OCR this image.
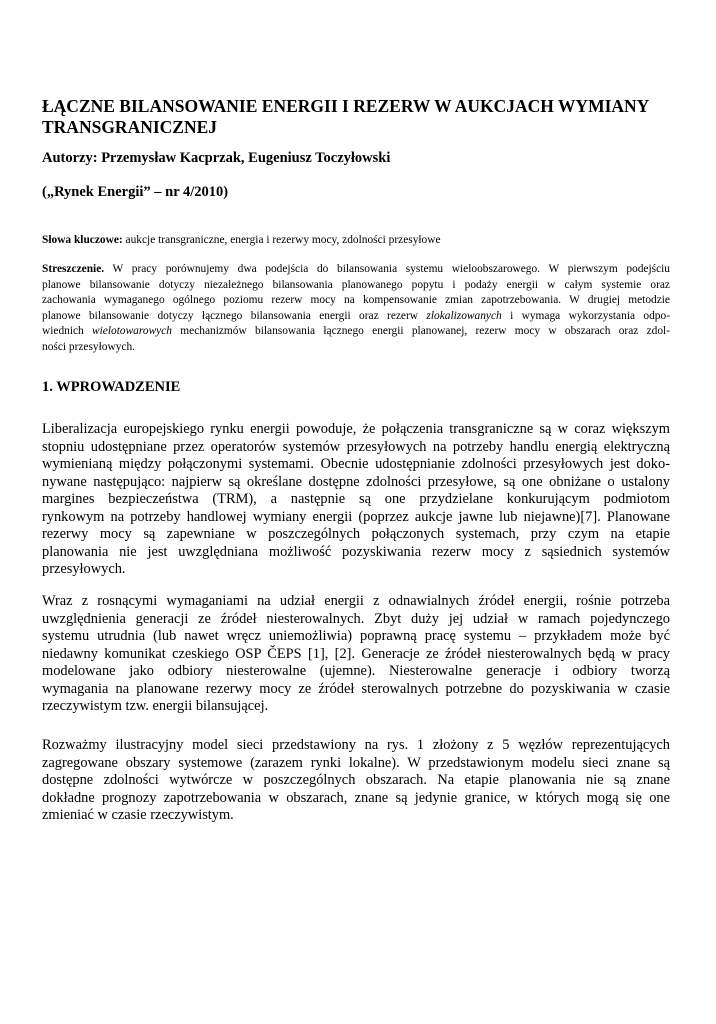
ŁĄCZNE BILANSOWANIE ENERGII I REZERW W AUKCJACH WYMIANY TRANSGRANICZNEJ

Autorzy: Przemysław Kacprzak, Eugeniusz Toczyłowski

(„Rynek Energii” – nr 4/2010)

Słowa kluczowe: aukcje transgraniczne, energia i rezerwy mocy, zdolności przesyłowe

Streszczenie. W pracy porównujemy dwa podejścia do bilansowania systemu wieloobszarowego. W pierwszym podejściu
planowe bilansowanie dotyczy niezależnego bilansowania planowanego popytu i podaży energii w całym systemie oraz
zachowania wymaganego ogólnego poziomu rezerw mocy na kompensowanie zmian zapotrzebowania. W drugiej metodzie
planowe bilansowanie dotyczy łącznego bilansowania energii oraz rezerw zlokalizowanych i wymaga wykorzystania odpo-
wiednich wielotowarowych mechanizmów bilansowania łącznego energii planowanej, rezerw mocy w obszarach oraz zdol-
ności przesyłowych.
1. WPROWADZENIE
Liberalizacja europejskiego rynku energii powoduje, że połączenia transgraniczne są w coraz większym
stopniu udostępniane przez operatorów systemów przesyłowych na potrzeby handlu energią elektryczną
wymienianą między połączonymi systemami. Obecnie udostępnianie zdolności przesyłowych jest doko-
nywane następująco: najpierw są określane dostępne zdolności przesyłowe, są one obniżane o ustalony
margines bezpieczeństwa (TRM), a następnie są one przydzielane konkurującym podmiotom
rynkowym na potrzeby handlowej wymiany energii (poprzez aukcje jawne lub niejawne)[7]. Planowane
rezerwy mocy są zapewniane w poszczególnych połączonych systemach, przy czym na etapie
planowania nie jest uwzględniana możliwość pozyskiwania rezerw mocy z sąsiednich systemów
przesyłowych.
Wraz z rosnącymi wymaganiami na udział energii z odnawialnych źródeł energii, rośnie potrzeba
uwzględnienia generacji ze źródeł niesterowalnych. Zbyt duży jej udział w ramach pojedynczego
systemu utrudnia (lub nawet wręcz uniemożliwia) poprawną pracę systemu – przykładem może być
niedawny komunikat czeskiego OSP ČEPS [1], [2]. Generacje ze źródeł niesterowalnych będą w pracy
modelowane jako odbiory niesterowalne (ujemne). Niesterowalne generacje i odbiory tworzą
wymagania na planowane rezerwy mocy ze źródeł sterowalnych potrzebne do pozyskiwania w czasie
rzeczywistym tzw. energii bilansującej.
Rozważmy ilustracyjny model sieci przedstawiony na rys. 1 złożony z 5 węzłów reprezentujących
zagregowane obszary systemowe (zarazem rynki lokalne). W przedstawionym modelu sieci znane są
dostępne zdolności wytwórcze w poszczególnych obszarach. Na etapie planowania nie są znane
dokładne prognozy zapotrzebowania w obszarach, znane są jedynie granice, w których mogą się one
zmieniać w czasie rzeczywistym.
